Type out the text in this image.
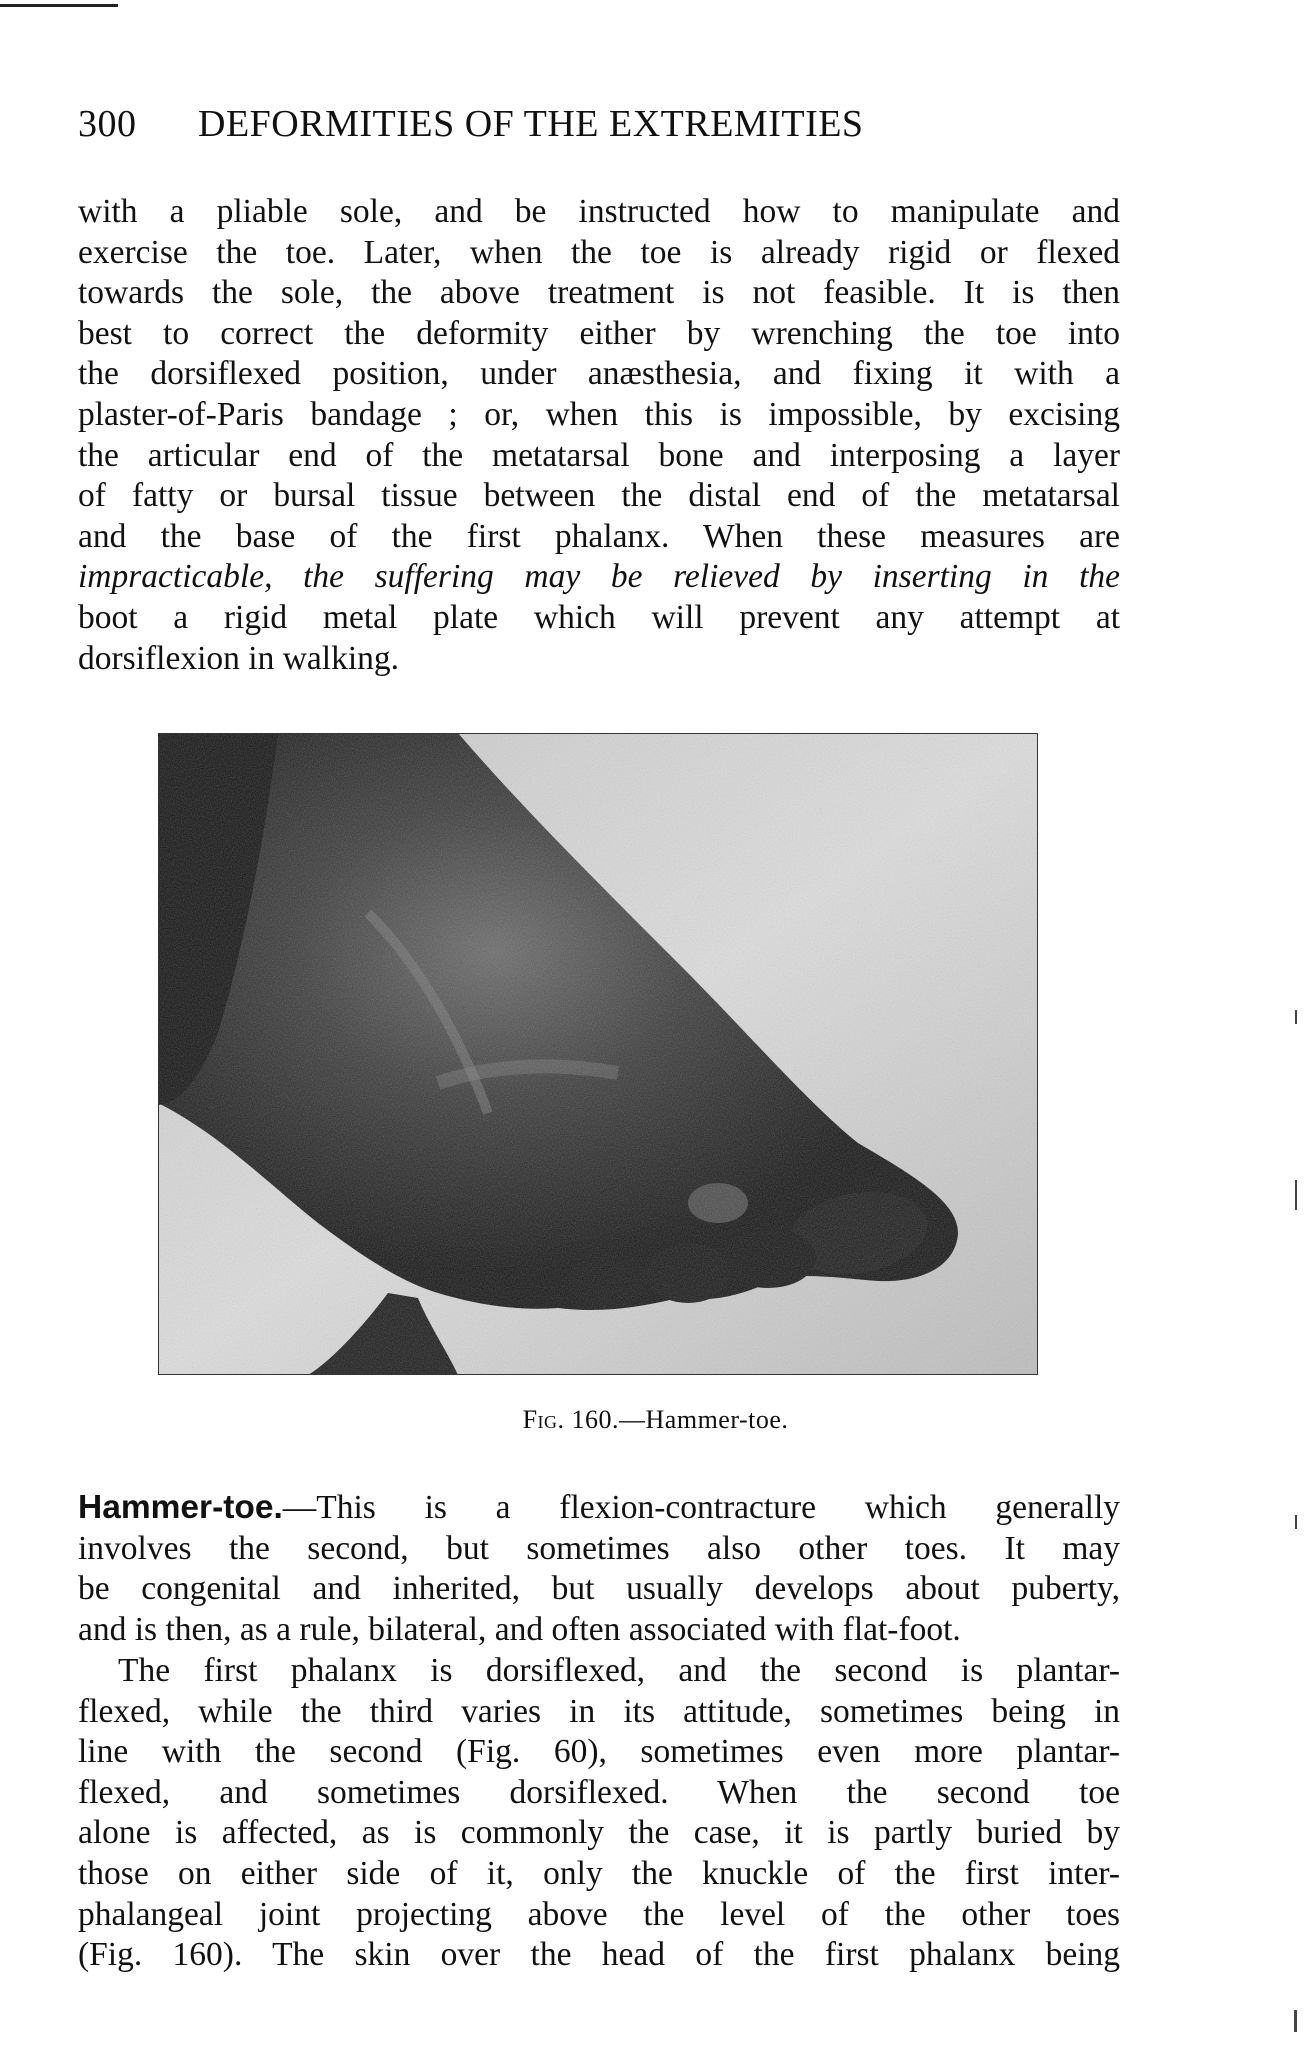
300 DEFORMITIES OF THE EXTREMITIES
with a pliable sole, and be instructed how to manipulate and
exercise the toe. Later, when the toe is already rigid or flexed
towards the sole, the above treatment is not feasible. It is then
best to correct the deformity either by wrenching the toe into
the dorsiflexed position, under anæsthesia, and fixing it with a
plaster-of-Paris bandage ; or, when this is impossible, by excising
the articular end of the metatarsal bone and interposing a layer
of fatty or bursal tissue between the distal end of the metatarsal
and the base of the first phalanx. When these measures are
impracticable, the suffering may be relieved by inserting in the
boot a rigid metal plate which will prevent any attempt at
dorsiflexion in walking.
Fig. 160.—Hammer-toe.
Hammer-toe.—This is a flexion-contracture which generally
involves the second, but sometimes also other toes. It may
be congenital and inherited, but usually develops about puberty,
and is then, as a rule, bilateral, and often associated with flat-foot.
The first phalanx is dorsiflexed, and the second is plantar-
flexed, while the third varies in its attitude, sometimes being in
line with the second (Fig. 60), sometimes even more plantar-
flexed, and sometimes dorsiflexed. When the second toe
alone is affected, as is commonly the case, it is partly buried by
those on either side of it, only the knuckle of the first inter-
phalangeal joint projecting above the level of the other toes
(Fig. 160). The skin over the head of the first phalanx being
